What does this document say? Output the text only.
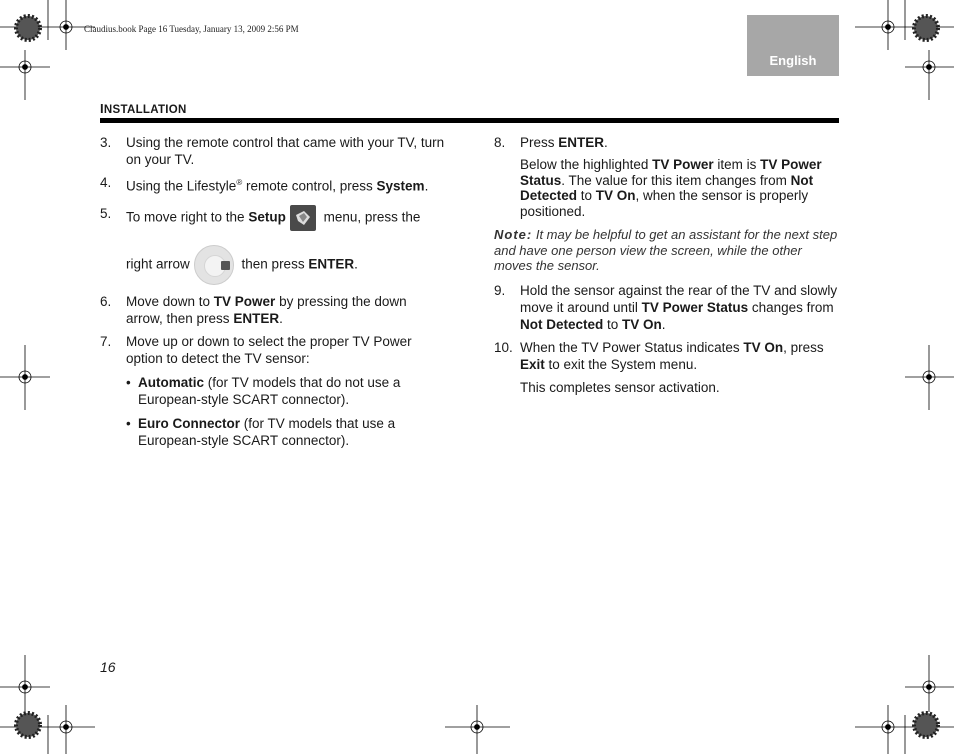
Claudius.book Page 16 Tuesday, January 13, 2009 2:56 PM
English
INSTALLATION
3. Using the remote control that came with your TV, turn on your TV.
4. Using the Lifestyle® remote control, press System.
5. To move right to the Setup	menu, press the
right arrow	then press ENTER.
6. Move down to TV Power by pressing the down arrow, then press ENTER.
7. Move up or down to select the proper TV Power option to detect the TV sensor:
• Automatic (for TV models that do not use a European-style SCART connector).
• Euro Connector (for TV models that use a European-style SCART connector).
8. Press ENTER.
Below the highlighted TV Power item is TV Power Status. The value for this item changes from Not Detected to TV On, when the sensor is properly positioned.
Note: It may be helpful to get an assistant for the next step and have one person view the screen, while the other moves the sensor.
9. Hold the sensor against the rear of the TV and slowly move it around until TV Power Status changes from Not Detected to TV On.
10. When the TV Power Status indicates TV On, press Exit to exit the System menu.
This completes sensor activation.
16
